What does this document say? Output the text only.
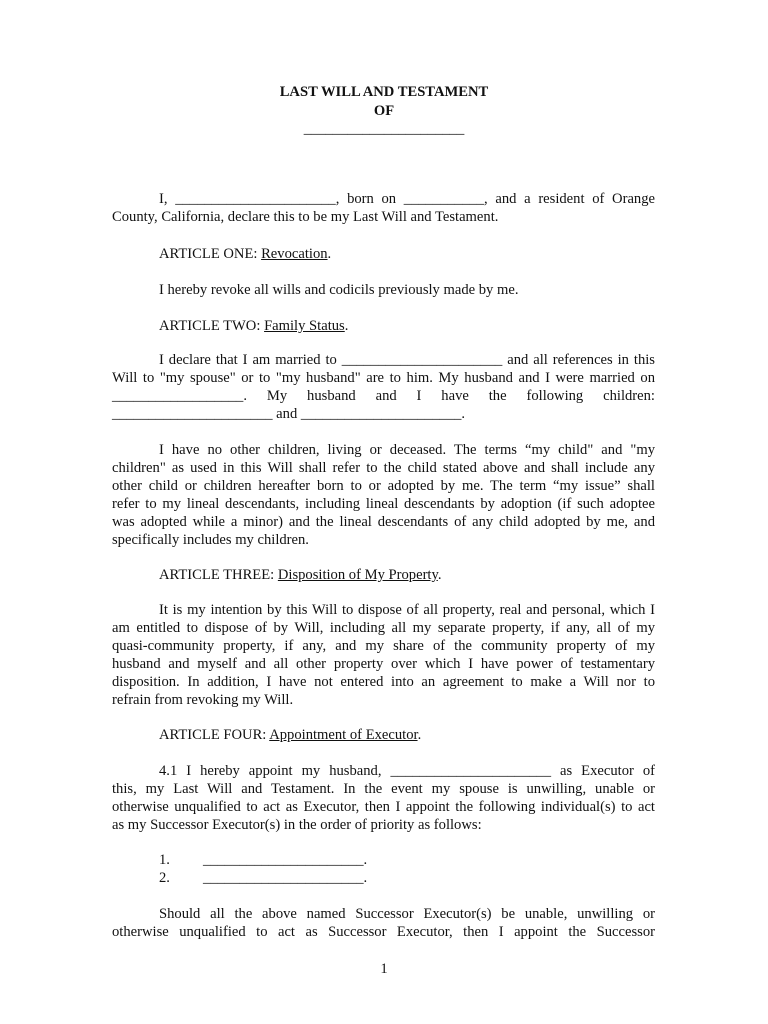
LAST WILL AND TESTAMENT
OF
______________________
I, ______________________, born on ___________, and a resident of Orange
County, California, declare this to be my Last Will and Testament.
ARTICLE ONE: Revocation.
I hereby revoke all wills and codicils previously made by me.
ARTICLE TWO: Family Status.
I declare that I am married to ______________________ and all references in this
Will to "my spouse" or to "my husband" are to him. My husband and I were married on
__________________. My husband and I have the following children:
______________________ and ______________________.
I have no other children, living or deceased. The terms “my child" and "my
children" as used in this Will shall refer to the child stated above and shall include any
other child or children hereafter born to or adopted by me. The term “my issue” shall
refer to my lineal descendants, including lineal descendants by adoption (if such adoptee
was adopted while a minor) and the lineal descendants of any child adopted by me, and
specifically includes my children.
ARTICLE THREE: Disposition of My Property.
It is my intention by this Will to dispose of all property, real and personal, which I
am entitled to dispose of by Will, including all my separate property, if any, all of my
quasi-community property, if any, and my share of the community property of my
husband and myself and all other property over which I have power of testamentary
disposition. In addition, I have not entered into an agreement to make a Will nor to
refrain from revoking my Will.
ARTICLE FOUR: Appointment of Executor.
4.1 I hereby appoint my husband, ______________________ as Executor of
this, my Last Will and Testament. In the event my spouse is unwilling, unable or
otherwise unqualified to act as Executor, then I appoint the following individual(s) to act
as my Successor Executor(s) in the order of priority as follows:
1. ______________________.
2. ______________________.
Should all the above named Successor Executor(s) be unable, unwilling or
otherwise unqualified to act as Successor Executor, then I appoint the Successor
1
